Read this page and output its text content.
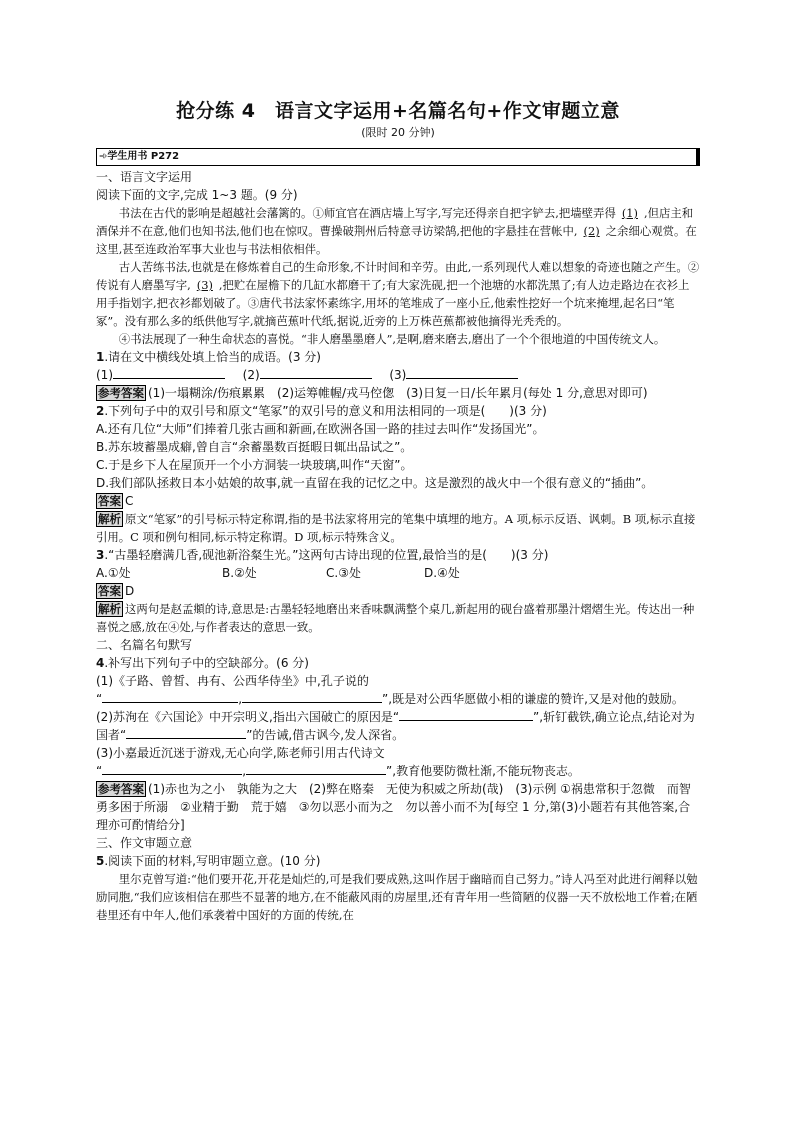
抢分练 4　语言文字运用+名篇名句+作文审题立意
(限时 20 分钟)
➾学生用书 P272
一、语言文字运用
阅读下面的文字,完成 1~3 题。(9 分)
书法在古代的影响是超越社会藩篱的。①师宜官在酒店墙上写字,写完还得亲自把字铲去,把墙壁弄得 (1) ,但店主和酒保并不在意,他们也知书法,他们也在惊叹。曹操破荆州后特意寻访梁鹄,把他的字悬挂在营帐中, (2) 之余细心观赏。在这里,甚至连政治军事大业也与书法相依相伴。
古人苦练书法,也就是在修炼着自己的生命形象,不计时间和辛劳。由此,一系列现代人难以想象的奇迹也随之产生。②传说有人磨墨写字, (3) ,把贮在屋檐下的几缸水都磨干了;有大家洗砚,把一个池塘的水都洗黑了;有人边走路边在衣衫上用手指划字,把衣衫都划破了。③唐代书法家怀素练字,用坏的笔堆成了一座小丘,他索性挖好一个坑来掩埋,起名曰“笔冢”。没有那么多的纸供他写字,就摘芭蕉叶代纸,据说,近旁的上万株芭蕉都被他摘得光秃秃的。
④书法展现了一种生命状态的喜悦。“非人磨墨墨磨人”,是啊,磨来磨去,磨出了一个个很地道的中国传统文人。
1.请在文中横线处填上恰当的成语。(3 分)
(1)	(2)	(3)
参考答案 (1)一塌糊涂/伤痕累累　(2)运筹帷幄/戎马倥偬　(3)日复一日/长年累月(每处 1 分,意思对即可)
2.下列句子中的双引号和原文“笔冢”的双引号的意义和用法相同的一项是(　　)(3 分)
A.还有几位“大师”们捧着几张古画和新画,在欧洲各国一路的挂过去叫作“发扬国光”。
B.苏东坡蓄墨成癖,曾自言“余蓄墨数百挺暇日辄出品试之”。
C.于是乡下人在屋顶开一个小方洞装一块玻璃,叫作“天窗”。
D.我们部队拯救日本小姑娘的故事,就一直留在我的记忆之中。这是激烈的战火中一个很有意义的“插曲”。
答案 C
解析 原文“笔冢”的引号标示特定称谓,指的是书法家将用完的笔集中填埋的地方。A 项,标示反语、讽刺。B 项,标示直接引用。C 项和例句相同,标示特定称谓。D 项,标示特殊含义。
3.“古墨轻磨满几香,砚池新浴粲生光。”这两句古诗出现的位置,最恰当的是(　　)(3 分)
A.①处	B.②处	C.③处	D.④处
答案 D
解析 这两句是赵孟頫的诗,意思是:古墨轻轻地磨出来香味飘满整个桌几,新起用的砚台盛着那墨汁熠熠生光。传达出一种喜悦之感,放在④处,与作者表达的意思一致。
二、名篇名句默写
4.补写出下列句子中的空缺部分。(6 分)
(1)《子路、曾皙、冉有、公西华侍坐》中,孔子说的
“	,	”,既是对公西华愿做小相的谦虚的赞许,又是对他的鼓励。
(2)苏洵在《六国论》中开宗明义,指出六国破亡的原因是“	”,斩钉截铁,确立论点,结论对为国者“	”的告诫,借古讽今,发人深省。
(3)小嘉最近沉迷于游戏,无心向学,陈老师引用古代诗文
“	,	”,教育他要防微杜渐,不能玩物丧志。
参考答案 (1)赤也为之小　孰能为之大　(2)弊在赂秦　无使为积威之所劫(哉)　(3)示例 ①祸患常积于忽微　而智勇多困于所溺　②业精于勤　荒于嬉　③勿以恶小而为之　勿以善小而不为[每空 1 分,第(3)小题若有其他答案,合理亦可酌情给分]
三、作文审题立意
5.阅读下面的材料,写明审题立意。(10 分)
里尔克曾写道:“他们要开花,开花是灿烂的,可是我们要成熟,这叫作居于幽暗而自己努力。”诗人冯至对此进行阐释以勉励同胞,“我们应该相信在那些不显著的地方,在不能蔽风雨的房屋里,还有青年用一些简陋的仪器一天不放松地工作着;在陋巷里还有中年人,他们承袭着中国好的方面的传统,在
